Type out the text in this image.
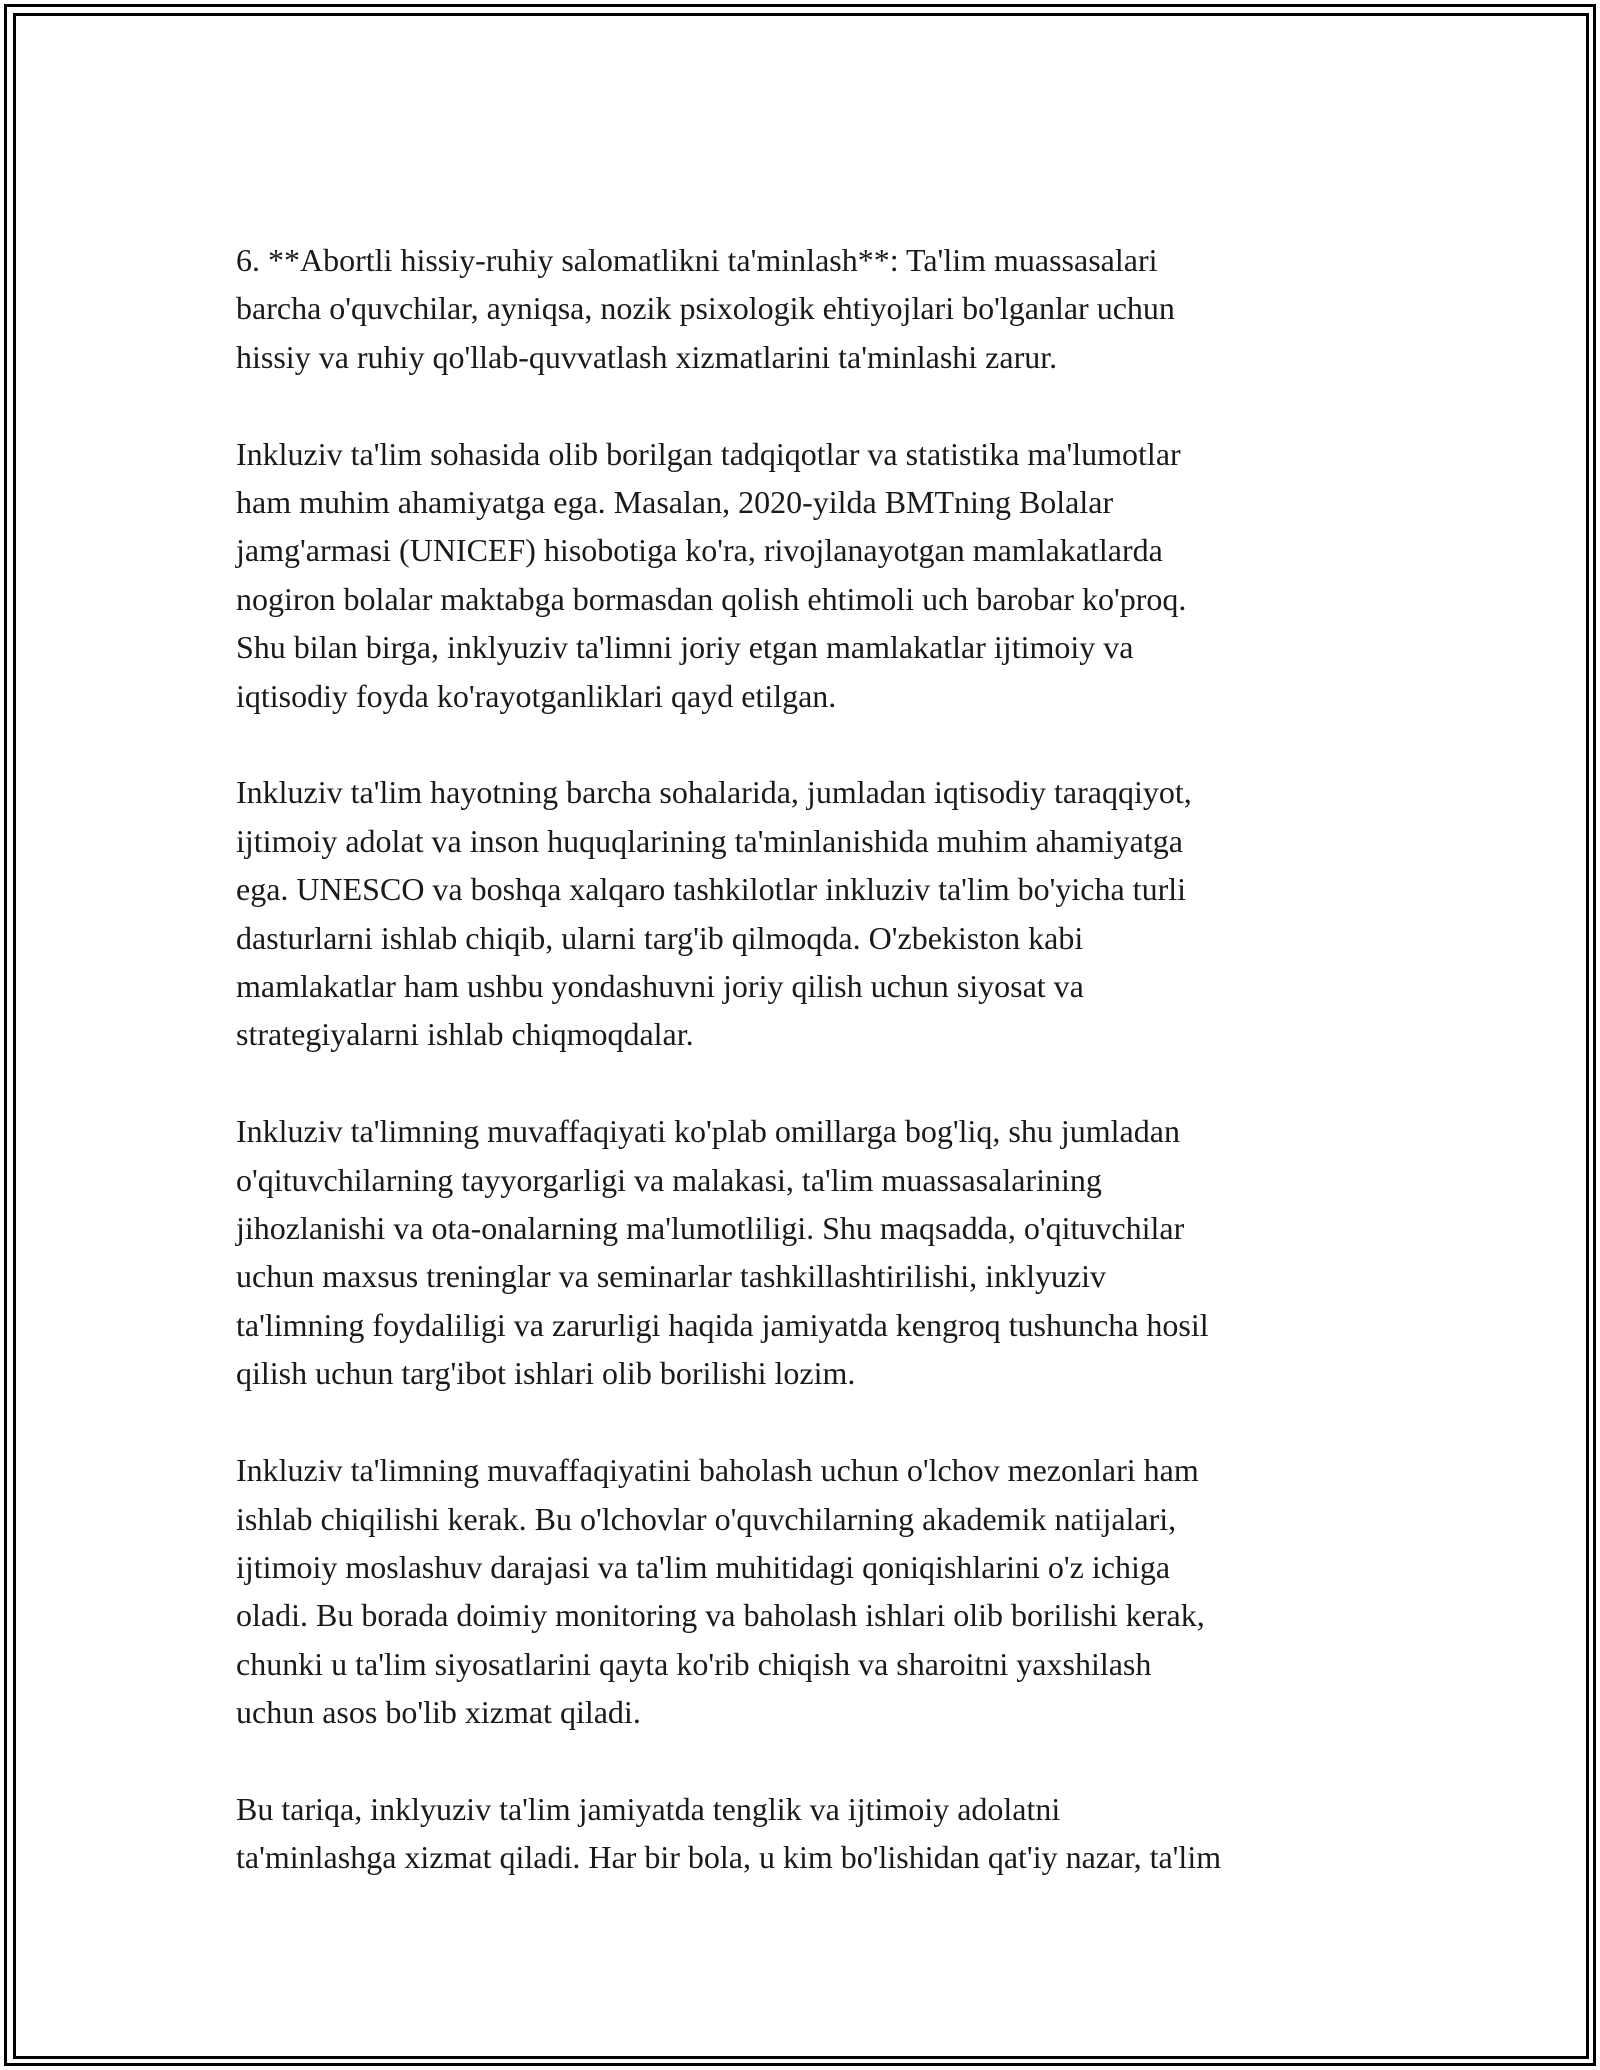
6. **Abortli hissiy-ruhiy salomatlikni ta'minlash**: Ta'lim muassasalari
barcha o'quvchilar, ayniqsa, nozik psixologik ehtiyojlari bo'lganlar uchun
hissiy va ruhiy qo'llab-quvvatlash xizmatlarini ta'minlashi zarur.

Inkluziv ta'lim sohasida olib borilgan tadqiqotlar va statistika ma'lumotlar
ham muhim ahamiyatga ega. Masalan, 2020-yilda BMTning Bolalar
jamg'armasi (UNICEF) hisobotiga ko'ra, rivojlanayotgan mamlakatlarda
nogiron bolalar maktabga bormasdan qolish ehtimoli uch barobar ko'proq.
Shu bilan birga, inklyuziv ta'limni joriy etgan mamlakatlar ijtimoiy va
iqtisodiy foyda ko'rayotganliklari qayd etilgan.

Inkluziv ta'lim hayotning barcha sohalarida, jumladan iqtisodiy taraqqiyot,
ijtimoiy adolat va inson huquqlarining ta'minlanishida muhim ahamiyatga
ega. UNESCO va boshqa xalqaro tashkilotlar inkluziv ta'lim bo'yicha turli
dasturlarni ishlab chiqib, ularni targ'ib qilmoqda. O'zbekiston kabi
mamlakatlar ham ushbu yondashuvni joriy qilish uchun siyosat va
strategiyalarni ishlab chiqmoqdalar.

Inkluziv ta'limning muvaffaqiyati ko'plab omillarga bog'liq, shu jumladan
o'qituvchilarning tayyorgarligi va malakasi, ta'lim muassasalarining
jihozlanishi va ota-onalarning ma'lumotliligi. Shu maqsadda, o'qituvchilar
uchun maxsus treninglar va seminarlar tashkillashtirilishi, inklyuziv
ta'limning foydaliligi va zarurligi haqida jamiyatda kengroq tushuncha hosil
qilish uchun targ'ibot ishlari olib borilishi lozim.

Inkluziv ta'limning muvaffaqiyatini baholash uchun o'lchov mezonlari ham
ishlab chiqilishi kerak. Bu o'lchovlar o'quvchilarning akademik natijalari,
ijtimoiy moslashuv darajasi va ta'lim muhitidagi qoniqishlarini o'z ichiga
oladi. Bu borada doimiy monitoring va baholash ishlari olib borilishi kerak,
chunki u ta'lim siyosatlarini qayta ko'rib chiqish va sharoitni yaxshilash
uchun asos bo'lib xizmat qiladi.

Bu tariqa, inklyuziv ta'lim jamiyatda tenglik va ijtimoiy adolatni
ta'minlashga xizmat qiladi. Har bir bola, u kim bo'lishidan qat'iy nazar, ta'lim
